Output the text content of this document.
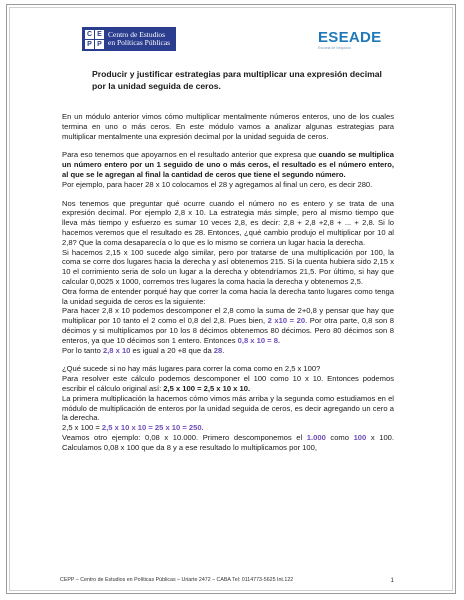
C E
P P
Centro de Estudios
en Políticas Públicas	ESEADE
Escuela de Negocios
Producir y justificar estrategias para multiplicar una expresión decimal
por la unidad seguida de ceros.

En un módulo anterior vimos cómo multiplicar mentalmente números enteros, uno de los cuales termina en uno o más ceros. En este módulo vamos a analizar algunas estrategias para multiplicar mentalmente una expresión decimal por la unidad seguida de ceros.

Para eso tenemos que apoyarnos en el resultado anterior que expresa que cuando se multiplica un número entero por un 1 seguido de uno o más ceros, el resultado es el número entero, al que se le agregan al final la cantidad de ceros que tiene el segundo número.

Por ejemplo, para hacer 28 x 10 colocamos el 28 y agregamos al final un cero, es decir 280.

Nos tenemos que preguntar qué ocurre cuando el número no es entero y se trata de una expresión decimal. Por ejemplo 2,8 x 10. La estrategia más simple, pero al mismo tiempo que lleva más tiempo y esfuerzo es sumar 10 veces 2,8, es decir: 2,8 + 2,8 +2,8 + ... + 2,8. Si lo hacemos veremos que el resultado es 28. Entonces, ¿qué cambio produjo el multiplicar por 10 al 2,8? Que la coma desaparecía o lo que es lo mismo se corriera un lugar hacia la derecha.

Si hacemos 2,15 x 100 sucede algo similar, pero por tratarse de una multiplicación por 100, la coma se corre dos lugares hacia la derecha y así obtenemos 215. Si la cuenta hubiera sido 2,15 x 10 el corrimiento seria de solo un lugar a la derecha y obtendríamos 21,5. Por último, si hay que calcular 0,0025 x 1000, corremos tres lugares la coma hacia la derecha y obtenemos 2,5.

Otra forma de entender porqué hay que correr la coma hacia la derecha tanto lugares como tenga la unidad seguida de ceros es la siguiente:

Para hacer 2,8 x 10 podemos descomponer el 2,8 como la suma de 2+0,8 y pensar que hay que multiplicar por 10 tanto el 2 como el 0,8 del 2,8. Pues bien, 2 x10 = 20. Por otra parte, 0,8 son 8 décimos y si multiplicamos por 10 los 8 décimos obtenemos 80 décimos. Pero 80 décimos son 8 enteros, ya que 10 décimos son 1 entero. Entonces 0,8 x 10 = 8.

Por lo tanto 2,8 x 10 es igual a 20 +8 que da 28.

¿Qué sucede si no hay más lugares para correr la coma como en 2,5 x 100?

Para resolver este cálculo podemos descomponer el 100 como 10 x 10. Entonces podemos escribir el cálculo original así: 2,5 x 100 = 2,5 x 10 x 10.

La primera multiplicación la hacemos cómo vimos más arriba y la segunda como estudiamos en el módulo de multiplicación de enteros por la unidad seguida de ceros, es decir agregando un cero a la derecha.

2,5 x 100 = 2,5 x 10 x 10 = 25 x 10 = 250.

Veamos otro ejemplo: 0,08 x 10.000. Primero descomponemos el 1.000 como 100 x 100. Calculamos 0,08 x 100 que da 8 y a ese resultado lo multiplicamos por 100,

CEPP – Centro de Estudios en Políticas Públicas – Uriarte 2472 – CABA Tel: 0114773-5625 Int.122	1
